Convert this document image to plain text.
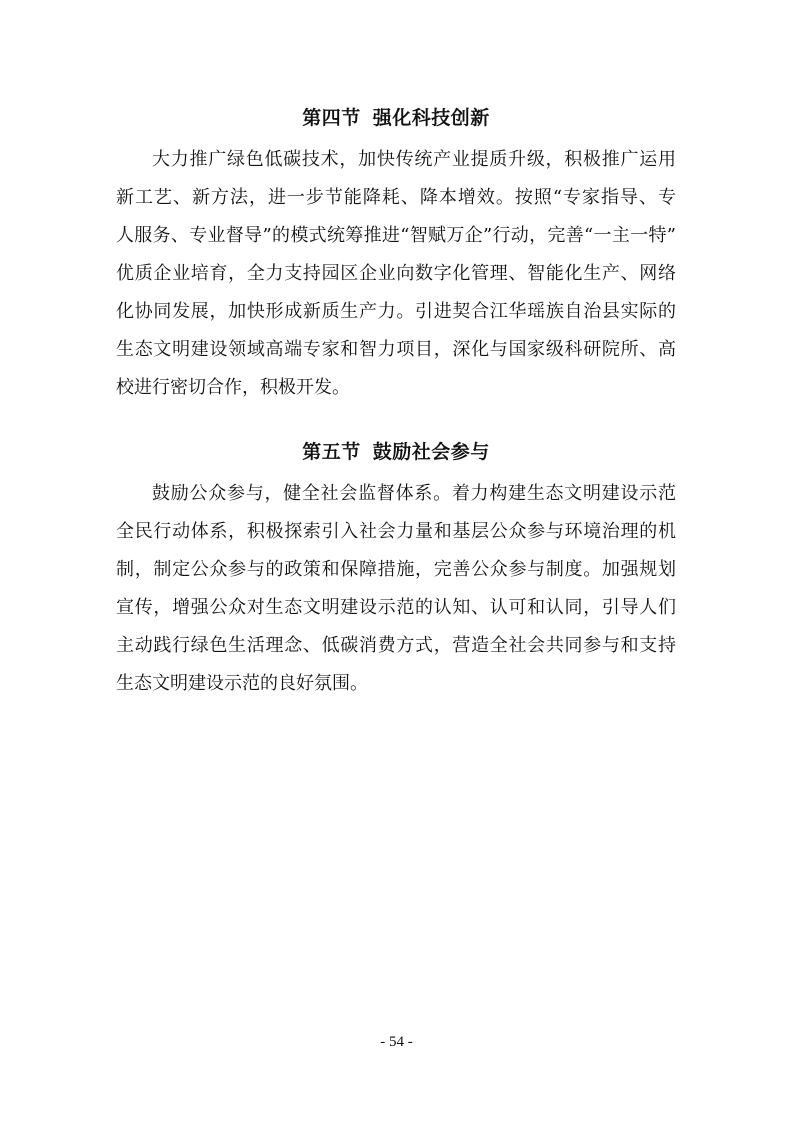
第四节 强化科技创新

大力推广绿色低碳技术，加快传统产业提质升级，积极推广运用
新工艺、新方法，进一步节能降耗、降本增效。按照“专家指导、专
人服务、专业督导”的模式统筹推进“智赋万企”行动，完善“一主一特”
优质企业培育，全力支持园区企业向数字化管理、智能化生产、网络
化协同发展，加快形成新质生产力。引进契合江华瑶族自治县实际的
生态文明建设领域高端专家和智力项目，深化与国家级科研院所、高
校进行密切合作，积极开发。

第五节 鼓励社会参与

鼓励公众参与，健全社会监督体系。着力构建生态文明建设示范
全民行动体系，积极探索引入社会力量和基层公众参与环境治理的机
制，制定公众参与的政策和保障措施，完善公众参与制度。加强规划
宣传，增强公众对生态文明建设示范的认知、认可和认同，引导人们
主动践行绿色生活理念、低碳消费方式，营造全社会共同参与和支持
生态文明建设示范的良好氛围。

- 54 -
